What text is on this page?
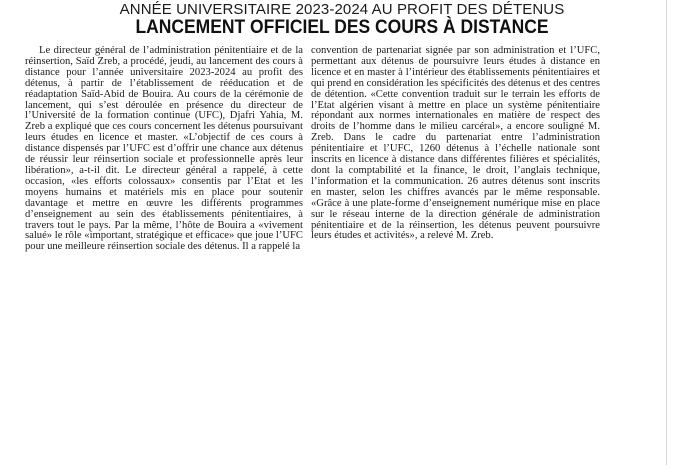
ANNÉE UNIVERSITAIRE 2023-2024 AU PROFIT DES DÉTENUS
LANCEMENT OFFICIEL DES COURS À DISTANCE

Le directeur général de l’administration pénitentiaire et de la réinsertion, Saïd Zreb, a procédé, jeudi, au lancement des cours à distance pour l’année universitaire 2023-2024 au profit des détenus, à partir de l’établissement de rééducation et de réadaptation Saïd-Abid de Bouira. Au cours de la cérémonie de lancement, qui s’est déroulée en présence du directeur de l’Université de la formation continue (UFC), Djafri Yahia, M. Zreb a expliqué que ces cours concernent les détenus poursuivant leurs études en licence et master. «L’objectif de ces cours à distance dispensés par l’UFC est d’offrir une chance aux détenus de réussir leur réinsertion sociale et professionnelle après leur libération», a-t-il dit. Le directeur général a rappelé, à cette occasion, «les efforts colossaux» consentis par l’Etat et les moyens humains et matériels mis en place pour soutenir davantage et mettre en œuvre les différents programmes d’enseignement au sein des établissements pénitentiaires, à travers tout le pays. Par la même, l’hôte de Bouira a «vivement salué» le rôle «important, stratégique et efficace» que joue l’UFC pour une meilleure réinsertion sociale des détenus. Il a rappelé la

convention de partenariat signée par son administration et l’UFC, permettant aux détenus de poursuivre leurs études à distance en licence et en master à l’intérieur des établissements pénitentiaires et qui prend en considération les spécificités des détenus et des centres de détention. «Cette convention traduit sur le terrain les efforts de l’Etat algérien visant à mettre en place un système pénitentiaire répondant aux normes internationales en matière de respect des droits de l’homme dans le milieu carcéral», a encore souligné M. Zreb. Dans le cadre du partenariat entre l’administration pénitentiaire et l’UFC, 1260 détenus à l’échelle nationale sont inscrits en licence à distance dans différentes filières et spécialités, dont la comptabilité et la finance, le droit, l’anglais technique, l’information et la communication. 26 autres détenus sont inscrits en master, selon les chiffres avancés par le même responsable. «Grâce à une plate-forme d’enseignement numérique mise en place sur le réseau interne de la direction générale de administration pénitentiaire et de la réinsertion, les détenus peuvent poursuivre leurs études et activités», a relevé M. Zreb.
